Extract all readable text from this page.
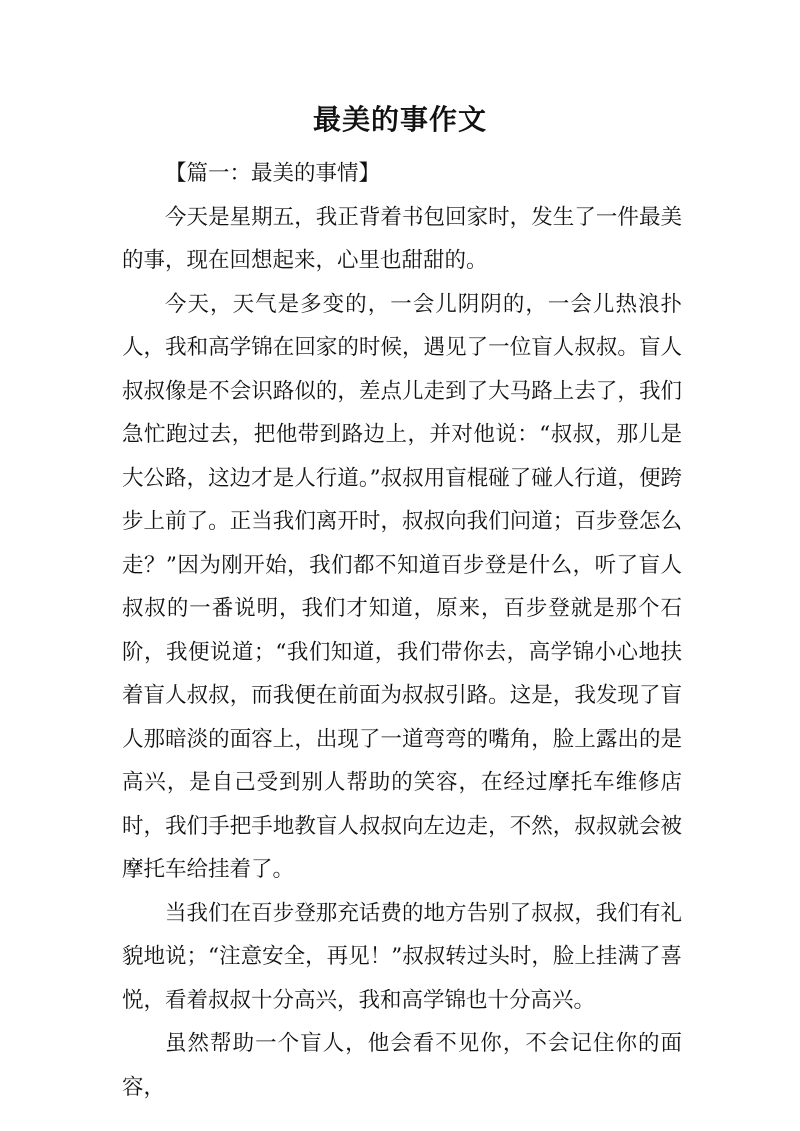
最美的事作文

【篇一：最美的事情】

今天是星期五，我正背着书包回家时，发生了一件最美的事，现在回想起来，心里也甜甜的。

今天，天气是多变的，一会儿阴阴的，一会儿热浪扑人，我和高学锦在回家的时候，遇见了一位盲人叔叔。盲人叔叔像是不会识路似的，差点儿走到了大马路上去了，我们急忙跑过去，把他带到路边上，并对他说：“叔叔，那儿是大公路，这边才是人行道。”叔叔用盲棍碰了碰人行道，便跨步上前了。正当我们离开时，叔叔向我们问道；百步登怎么走？”因为刚开始，我们都不知道百步登是什么，听了盲人叔叔的一番说明，我们才知道，原来，百步登就是那个石阶，我便说道；“我们知道，我们带你去，高学锦小心地扶着盲人叔叔，而我便在前面为叔叔引路。这是，我发现了盲人那暗淡的面容上，出现了一道弯弯的嘴角，脸上露出的是高兴，是自己受到别人帮助的笑容，在经过摩托车维修店时，我们手把手地教盲人叔叔向左边走，不然，叔叔就会被摩托车给挂着了。

当我们在百步登那充话费的地方告别了叔叔，我们有礼貌地说；“注意安全，再见！”叔叔转过头时，脸上挂满了喜悦，看着叔叔十分高兴，我和高学锦也十分高兴。

虽然帮助一个盲人，他会看不见你，不会记住你的面容，
